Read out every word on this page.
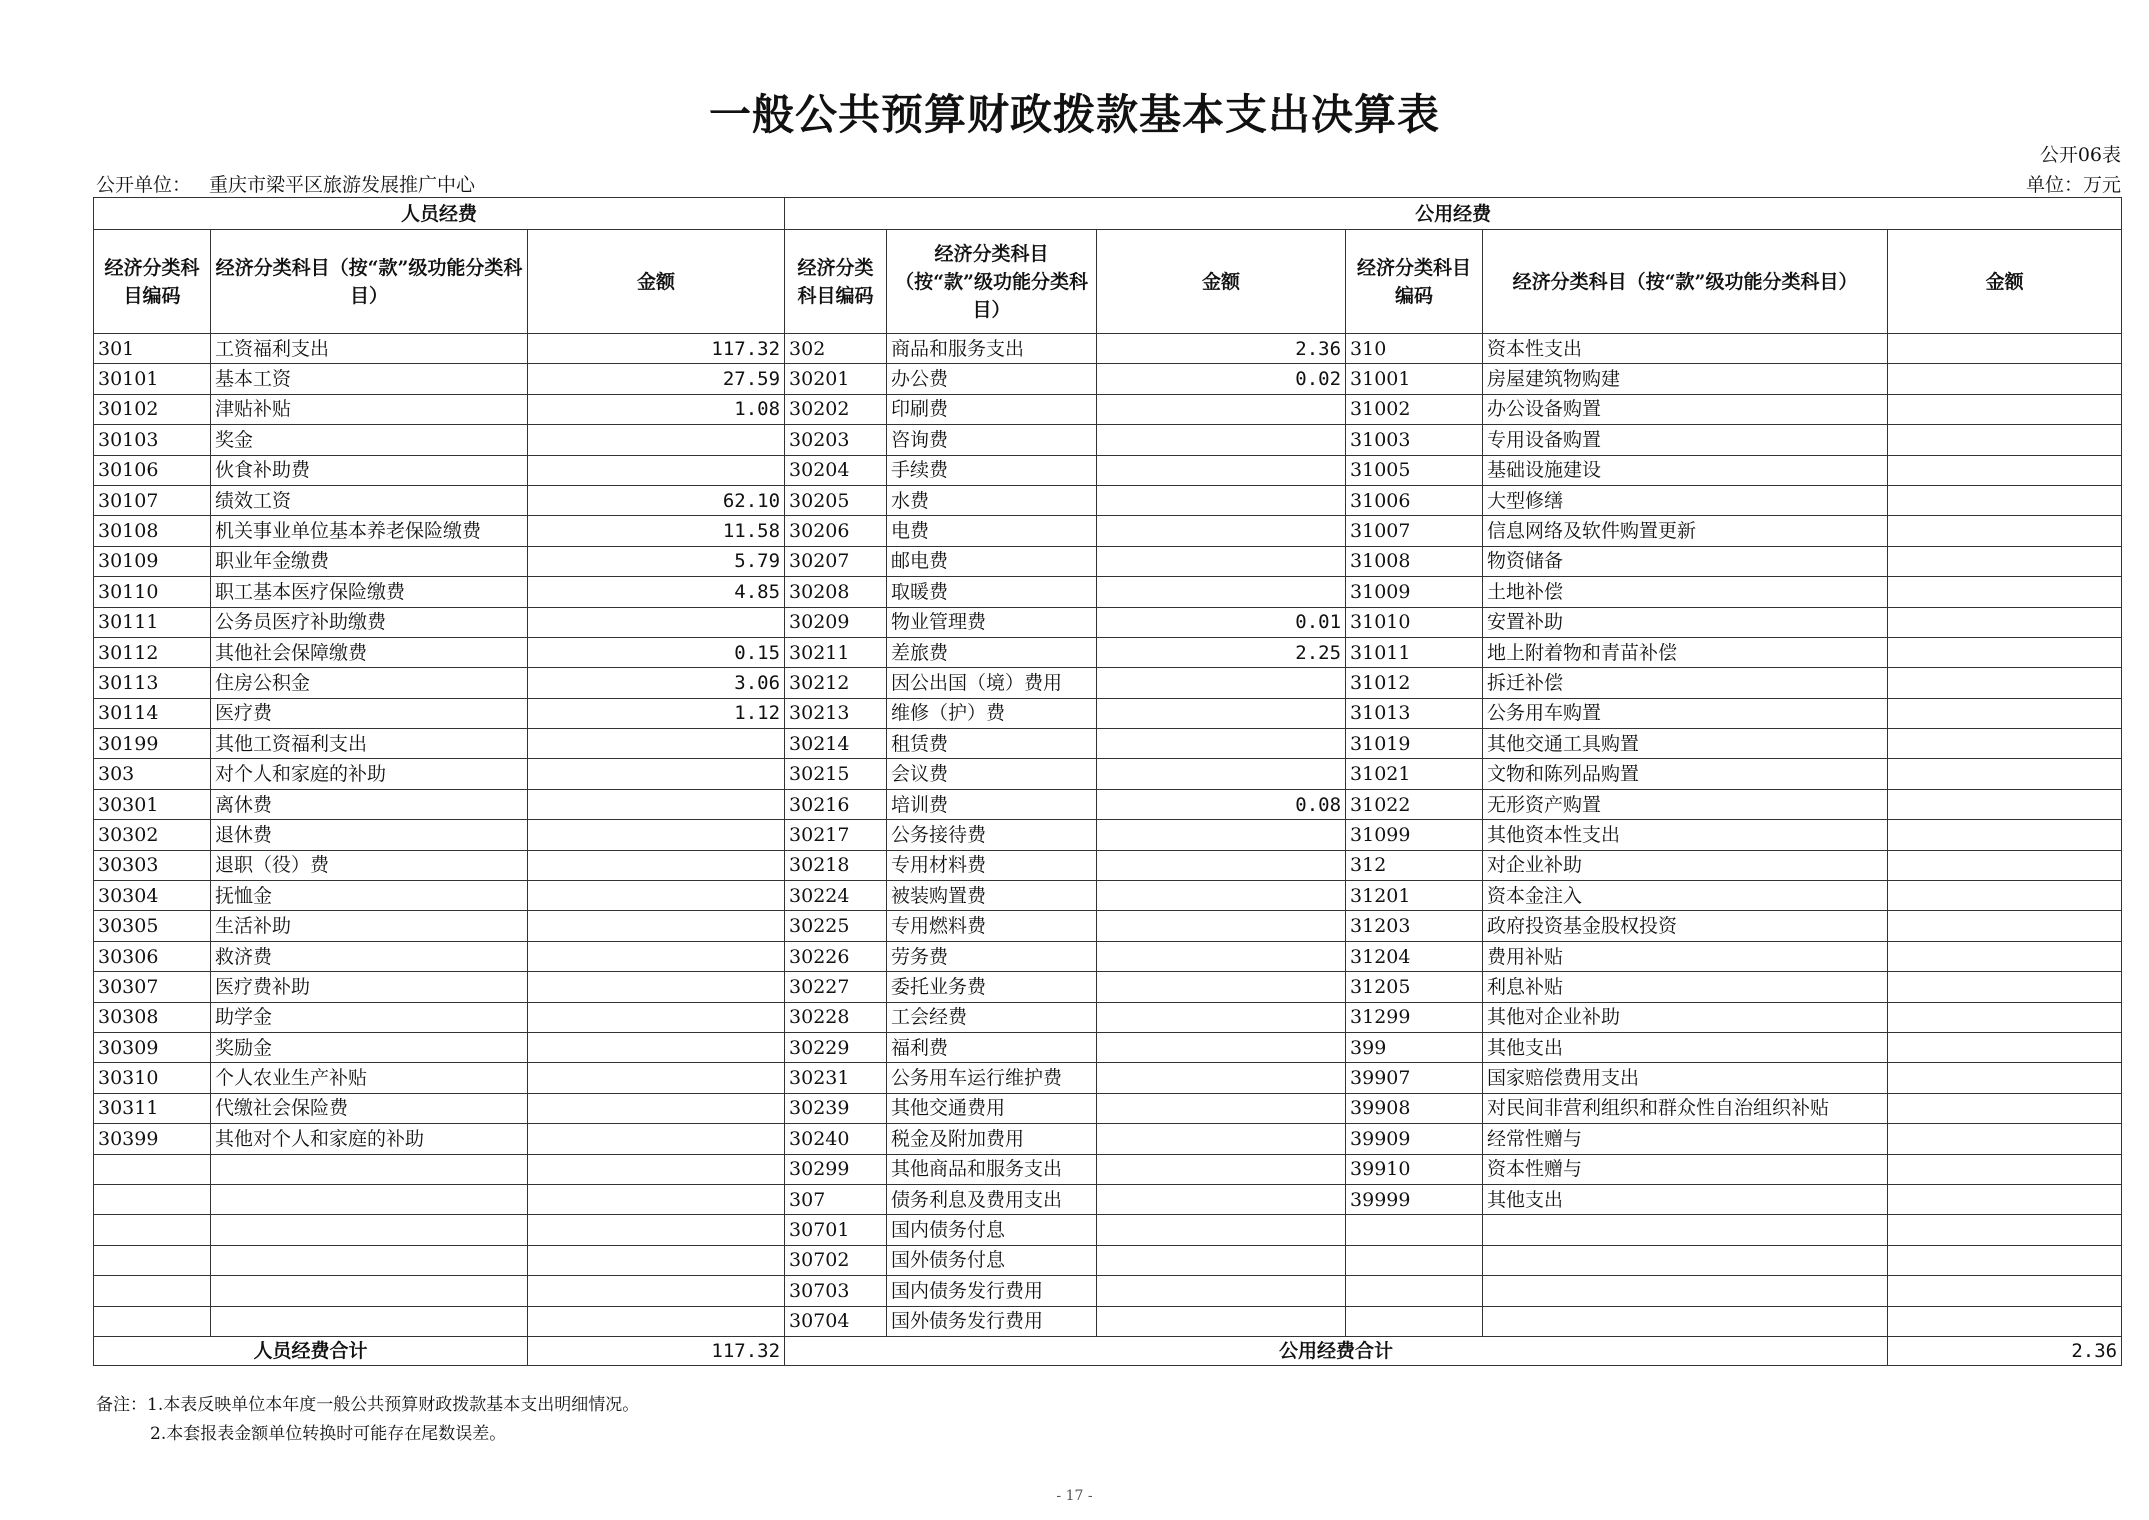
一般公共预算财政拨款基本支出决算表
公开06表
公开单位： 重庆市梁平区旅游发展推广中心	单位：万元
人员经费			公用经费					
经济分类科目编码	经济分类科目（按“款”级功能分类科目）	金额	经济分类科目编码	经济分类科目（按“款”级功能分类科目）	金额	经济分类科目编码	经济分类科目（按“款”级功能分类科目）	金额
301	工资福利支出	117.32	302	商品和服务支出	2.36	310	资本性支出	
30101	基本工资	27.59	30201	办公费	0.02	31001	房屋建筑物购建	
30102	津贴补贴	1.08	30202	印刷费		31002	办公设备购置	
30103	奖金		30203	咨询费		31003	专用设备购置	
30106	伙食补助费		30204	手续费		31005	基础设施建设	
30107	绩效工资	62.10	30205	水费		31006	大型修缮	
30108	机关事业单位基本养老保险缴费	11.58	30206	电费		31007	信息网络及软件购置更新	
30109	职业年金缴费	5.79	30207	邮电费		31008	物资储备	
30110	职工基本医疗保险缴费	4.85	30208	取暖费		31009	土地补偿	
30111	公务员医疗补助缴费		30209	物业管理费	0.01	31010	安置补助	
30112	其他社会保障缴费	0.15	30211	差旅费	2.25	31011	地上附着物和青苗补偿	
30113	住房公积金	3.06	30212	因公出国（境）费用		31012	拆迁补偿	
30114	医疗费	1.12	30213	维修（护）费		31013	公务用车购置	
30199	其他工资福利支出		30214	租赁费		31019	其他交通工具购置	
303	对个人和家庭的补助		30215	会议费		31021	文物和陈列品购置	
30301	离休费		30216	培训费	0.08	31022	无形资产购置	
30302	退休费		30217	公务接待费		31099	其他资本性支出	
30303	退职（役）费		30218	专用材料费		312	对企业补助	
30304	抚恤金		30224	被装购置费		31201	资本金注入	
30305	生活补助		30225	专用燃料费		31203	政府投资基金股权投资	
30306	救济费		30226	劳务费		31204	费用补贴	
30307	医疗费补助		30227	委托业务费		31205	利息补贴	
30308	助学金		30228	工会经费		31299	其他对企业补助	
30309	奖励金		30229	福利费		399	其他支出	
30310	个人农业生产补贴		30231	公务用车运行维护费		39907	国家赔偿费用支出	
30311	代缴社会保险费		30239	其他交通费用		39908	对民间非营利组织和群众性自治组织补贴	
30399	其他对个人和家庭的补助		30240	税金及附加费用		39909	经常性赠与	
			30299	其他商品和服务支出		39910	资本性赠与	
			307	债务利息及费用支出		39999	其他支出	
			30701	国内债务付息				
			30702	国外债务付息				
			30703	国内债务发行费用				
			30704	国外债务发行费用				
人员经费合计		117.32	公用经费合计					2.36
备注：1.本表反映单位本年度一般公共预算财政拨款基本支出明细情况。
2.本套报表金额单位转换时可能存在尾数误差。
- 17 -
